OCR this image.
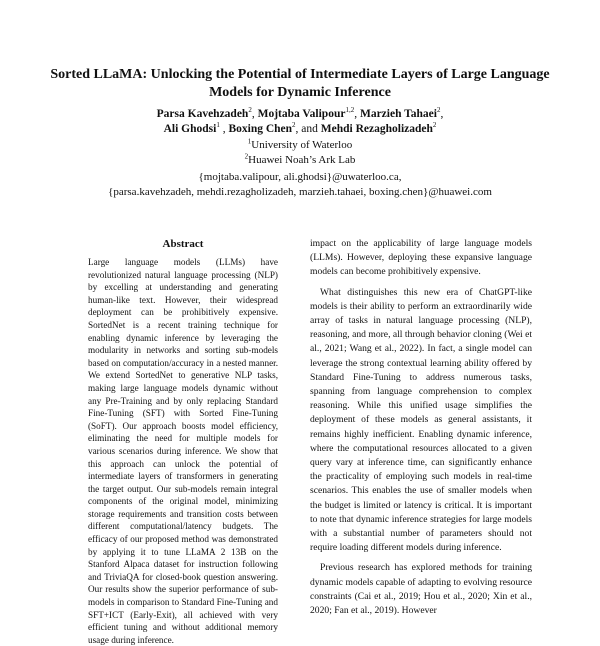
Sorted LLaMA: Unlocking the Potential of Intermediate Layers of Large Language Models for Dynamic Inference
Parsa Kavehzadeh$^2$, Mojtaba Valipour$^{1,2}$, Marzieh Tahaei$^2$,
Ali Ghodsi$^1$ , Boxing Chen$^2$, and Mehdi Rezagholizadeh$^2$
$^1$University of Waterloo
$^2$Huawei Noah’s Ark Lab
{mojtaba.valipour, ali.ghodsi}@uwaterloo.ca,
{parsa.kavehzadeh, mehdi.rezagholizadeh, marzieh.tahaei, boxing.chen}@huawei.com
Abstract
Large language models (LLMs) have revolutionized natural language processing (NLP) by excelling at understanding and generating human-like text. However, their widespread deployment can be prohibitively expensive. SortedNet is a recent training technique for enabling dynamic inference by leveraging the modularity in networks and sorting sub-models based on computation/accuracy in a nested manner. We extend SortedNet to generative NLP tasks, making large language models dynamic without any Pre-Training and by only replacing Standard Fine-Tuning (SFT) with Sorted Fine-Tuning (SoFT). Our approach boosts model efficiency, eliminating the need for multiple models for various scenarios during inference. We show that this approach can unlock the potential of intermediate layers of transformers in generating the target output. Our sub-models remain integral components of the original model, minimizing storage requirements and transition costs between different computational/latency budgets. The efficacy of our proposed method was demonstrated by applying it to tune LLaMA 2 13B on the Stanford Alpaca dataset for instruction following and TriviaQA for closed-book question answering. Our results show the superior performance of sub-models in comparison to Standard Fine-Tuning and SFT+ICT (Early-Exit), all achieved with very efficient tuning and without additional memory usage during inference.

impact on the applicability of large language models (LLMs). However, deploying these expansive language models can become prohibitively expensive.

What distinguishes this new era of ChatGPT-like models is their ability to perform an extraordinarily wide array of tasks in natural language processing (NLP), reasoning, and more, all through behavior cloning (Wei et al., 2021; Wang et al., 2022). In fact, a single model can leverage the strong contextual learning ability offered by Standard Fine-Tuning to address numerous tasks, spanning from language comprehension to complex reasoning. While this unified usage simplifies the deployment of these models as general assistants, it remains highly inefficient. Enabling dynamic inference, where the computational resources allocated to a given query vary at inference time, can significantly enhance the practicality of employing such models in real-time scenarios. This enables the use of smaller models when the budget is limited or latency is critical. It is important to note that dynamic inference strategies for large models with a substantial number of parameters should not require loading different models during inference.

Previous research has explored methods for training dynamic models capable of adapting to evolving resource constraints (Cai et al., 2019; Hou et al., 2020; Xin et al., 2020; Fan et al., 2019). However
